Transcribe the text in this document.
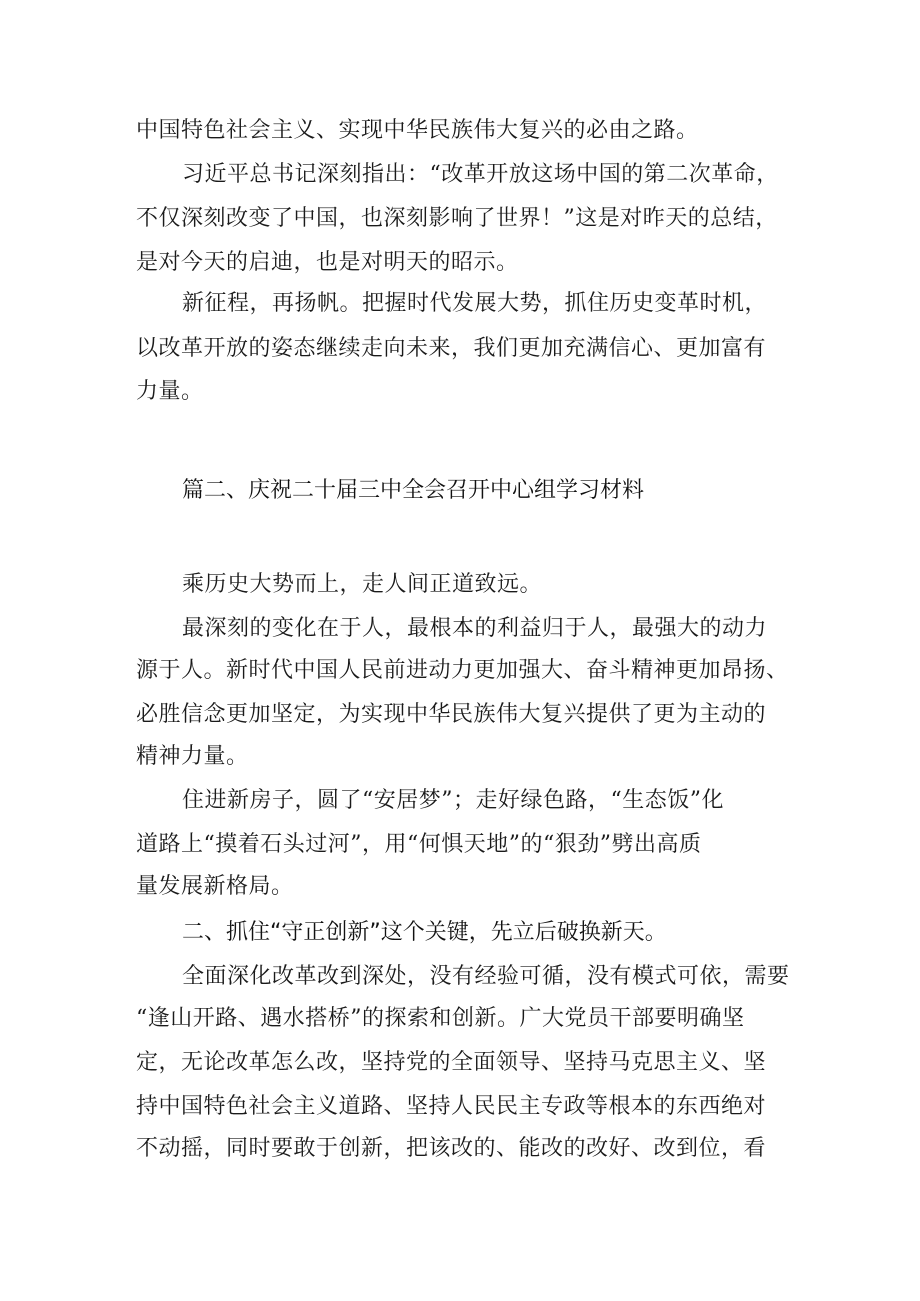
中国特色社会主义、实现中华民族伟大复兴的必由之路。
习近平总书记深刻指出：“改革开放这场中国的第二次革命，
不仅深刻改变了中国，也深刻影响了世界！”这是对昨天的总结，
是对今天的启迪，也是对明天的昭示。
新征程，再扬帆。把握时代发展大势，抓住历史变革时机，
以改革开放的姿态继续走向未来，我们更加充满信心、更加富有
力量。
篇二、庆祝二十届三中全会召开中心组学习材料
乘历史大势而上，走人间正道致远。
最深刻的变化在于人，最根本的利益归于人，最强大的动力
源于人。新时代中国人民前进动力更加强大、奋斗精神更加昂扬、
必胜信念更加坚定，为实现中华民族伟大复兴提供了更为主动的
精神力量。
住进新房子，圆了“安居梦”；走好绿色路，“生态饭”化
道路上“摸着石头过河”，用“何惧天地”的“狠劲”劈出高质
量发展新格局。
二、抓住“守正创新”这个关键，先立后破换新天。
全面深化改革改到深处，没有经验可循，没有模式可依，需要
“逢山开路、遇水搭桥”的探索和创新。广大党员干部要明确坚
定，无论改革怎么改，坚持党的全面领导、坚持马克思主义、坚
持中国特色社会主义道路、坚持人民民主专政等根本的东西绝对
不动摇，同时要敢于创新，把该改的、能改的改好、改到位，看
